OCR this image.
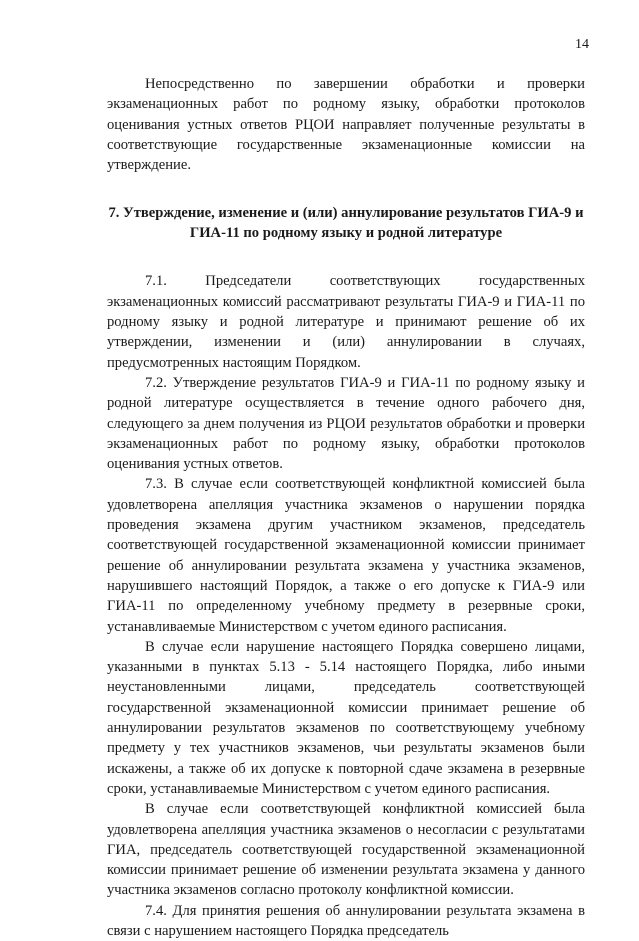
14

Непосредственно по завершении обработки и проверки экзаменационных работ по родному языку, обработки протоколов оценивания устных ответов РЦОИ направляет полученные результаты в соответствующие государственные экзаменационные комиссии на утверждение.

7. Утверждение, изменение и (или) аннулирование результатов ГИА-9 и ГИА-11 по родному языку и родной литературе

7.1. Председатели соответствующих государственных экзаменационных комиссий рассматривают результаты ГИА-9 и ГИА-11 по родному языку и родной литературе и принимают решение об их утверждении, изменении и (или) аннулировании в случаях, предусмотренных настоящим Порядком.

7.2. Утверждение результатов ГИА-9 и ГИА-11 по родному языку и родной литературе осуществляется в течение одного рабочего дня, следующего за днем получения из РЦОИ результатов обработки и проверки экзаменационных работ по родному языку, обработки протоколов оценивания устных ответов.

7.3. В случае если соответствующей конфликтной комиссией была удовлетворена апелляция участника экзаменов о нарушении порядка проведения экзамена другим участником экзаменов, председатель соответствующей государственной экзаменационной комиссии принимает решение об аннулировании результата экзамена у участника экзаменов, нарушившего настоящий Порядок, а также о его допуске к ГИА-9 или ГИА-11 по определенному учебному предмету в резервные сроки, устанавливаемые Министерством с учетом единого расписания.

В случае если нарушение настоящего Порядка совершено лицами, указанными в пунктах 5.13 - 5.14 настоящего Порядка, либо иными неустановленными лицами, председатель соответствующей государственной экзаменационной комиссии принимает решение об аннулировании результатов экзаменов по соответствующему учебному предмету у тех участников экзаменов, чьи результаты экзаменов были искажены, а также об их допуске к повторной сдаче экзамена в резервные сроки, устанавливаемые Министерством с учетом единого расписания.

В случае если соответствующей конфликтной комиссией была удовлетворена апелляция участника экзаменов о несогласии с результатами ГИА, председатель соответствующей государственной экзаменационной комиссии принимает решение об изменении результата экзамена у данного участника экзаменов согласно протоколу конфликтной комиссии.

7.4. Для принятия решения об аннулировании результата экзамена в связи с нарушением настоящего Порядка председатель
